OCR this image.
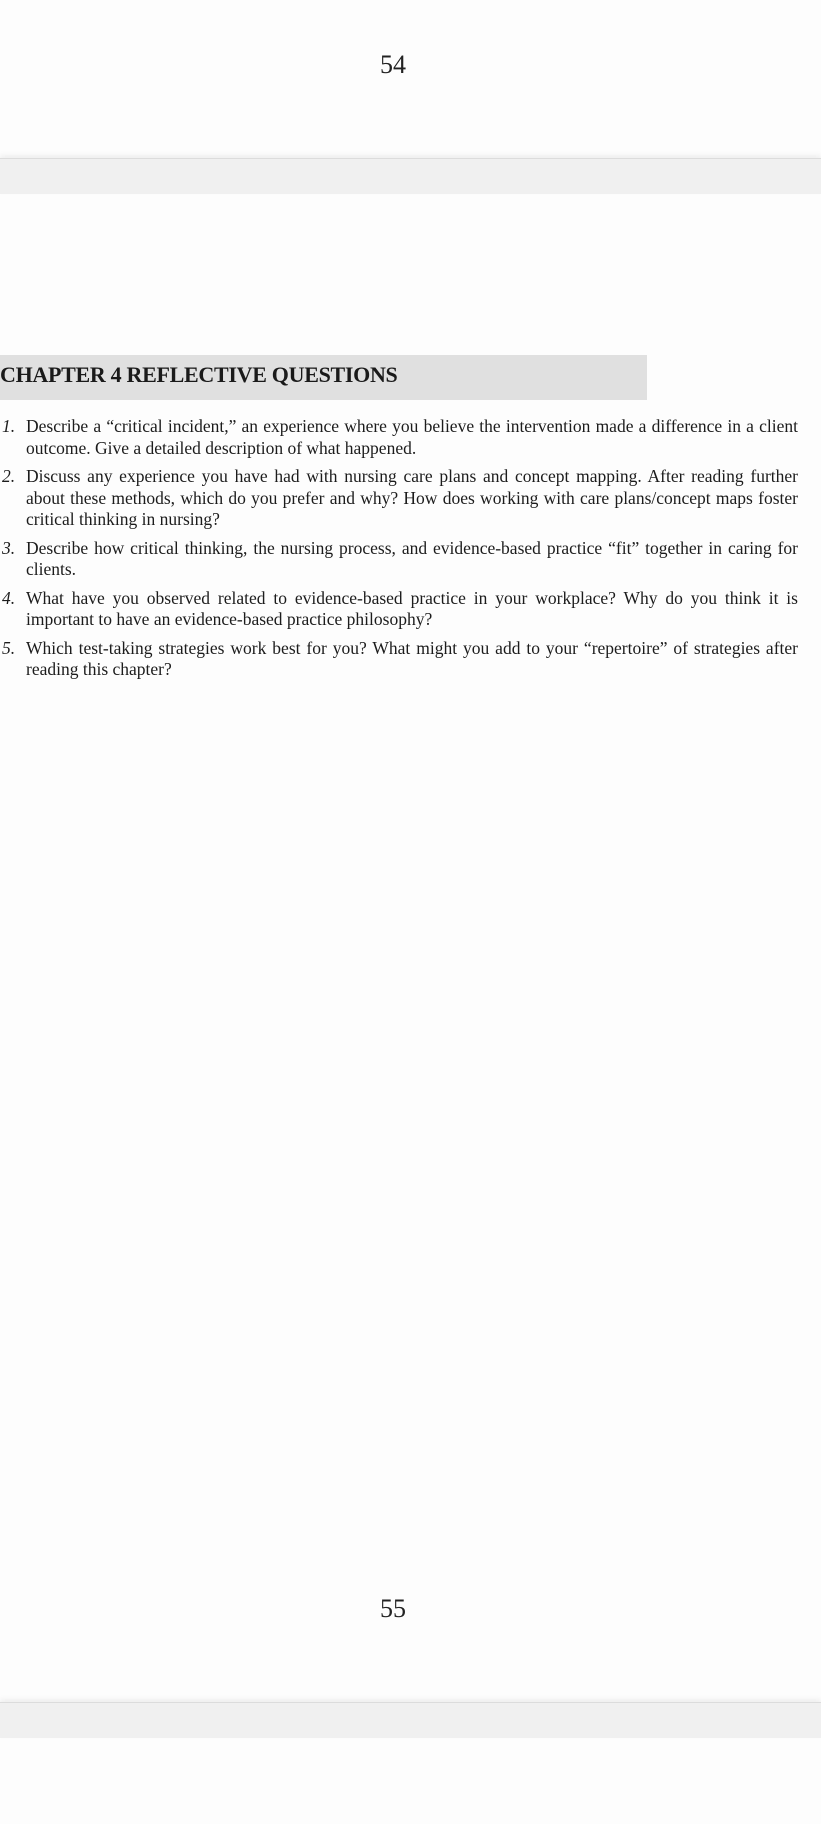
54
CHAPTER 4 REFLECTIVE QUESTIONS
1. Describe a “critical incident,” an experience where you believe the intervention made a difference in a client outcome. Give a detailed description of what happened.
2. Discuss any experience you have had with nursing care plans and concept mapping. After reading further about these methods, which do you prefer and why? How does working with care plans/concept maps foster critical thinking in nursing?
3. Describe how critical thinking, the nursing process, and evidence-based practice “fit” together in caring for clients.
4. What have you observed related to evidence-based practice in your workplace? Why do you think it is important to have an evidence-based practice philosophy?
5. Which test-taking strategies work best for you? What might you add to your “repertoire” of strategies after reading this chapter?
55
